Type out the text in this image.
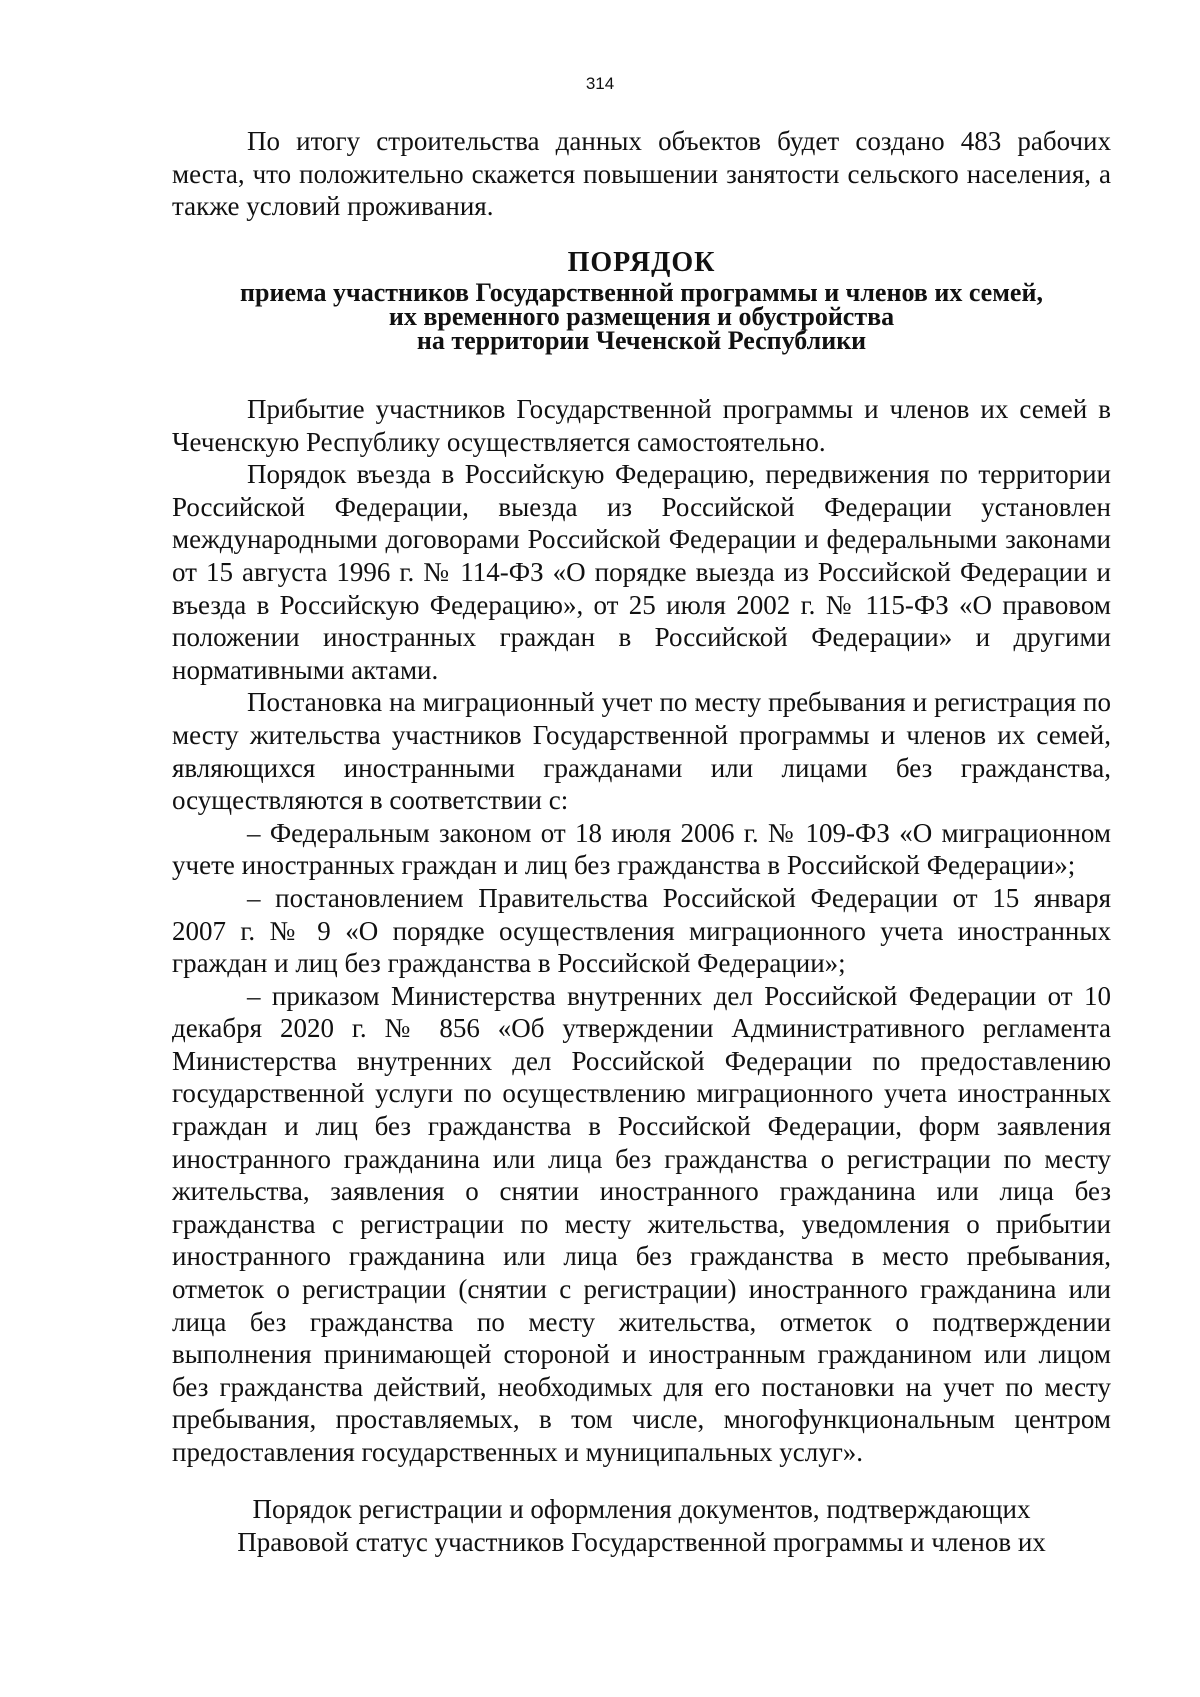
314

По итогу строительства данных объектов будет создано 483 рабочих места, что положительно скажется повышении занятости сельского населения, а также условий проживания.

ПОРЯДОК
приема участников Государственной программы и членов их семей,
их временного размещения и обустройства
на территории Чеченской Республики

Прибытие участников Государственной программы и членов их семей в Чеченскую Республику осуществляется самостоятельно.

Порядок въезда в Российскую Федерацию, передвижения по территории Российской Федерации, выезда из Российской Федерации установлен международными договорами Российской Федерации и федеральными законами от 15 августа 1996 г. № 114-ФЗ «О порядке выезда из Российской Федерации и въезда в Российскую Федерацию», от 25 июля 2002 г. № 115-ФЗ «О правовом положении иностранных граждан в Российской Федерации» и другими нормативными актами.

Постановка на миграционный учет по месту пребывания и регистрация по месту жительства участников Государственной программы и членов их семей, являющихся иностранными гражданами или лицами без гражданства, осуществляются в соответствии с:

– Федеральным законом от 18 июля 2006 г. № 109-ФЗ «О миграционном учете иностранных граждан и лиц без гражданства в Российской Федерации»;

– постановлением Правительства Российской Федерации от 15 января 2007 г. № 9 «О порядке осуществления миграционного учета иностранных граждан и лиц без гражданства в Российской Федерации»;

– приказом Министерства внутренних дел Российской Федерации от 10 декабря 2020 г. № 856 «Об утверждении Административного регламента Министерства внутренних дел Российской Федерации по предоставлению государственной услуги по осуществлению миграционного учета иностранных граждан и лиц без гражданства в Российской Федерации, форм заявления иностранного гражданина или лица без гражданства о регистрации по месту жительства, заявления о снятии иностранного гражданина или лица без гражданства с регистрации по месту жительства, уведомления о прибытии иностранного гражданина или лица без гражданства в место пребывания, отметок о регистрации (снятии с регистрации) иностранного гражданина или лица без гражданства по месту жительства, отметок о подтверждении выполнения принимающей стороной и иностранным гражданином или лицом без гражданства действий, необходимых для его постановки на учет по месту пребывания, проставляемых, в том числе, многофункциональным центром предоставления государственных и муниципальных услуг».

Порядок регистрации и оформления документов, подтверждающих
Правовой статус участников Государственной программы и членов их
